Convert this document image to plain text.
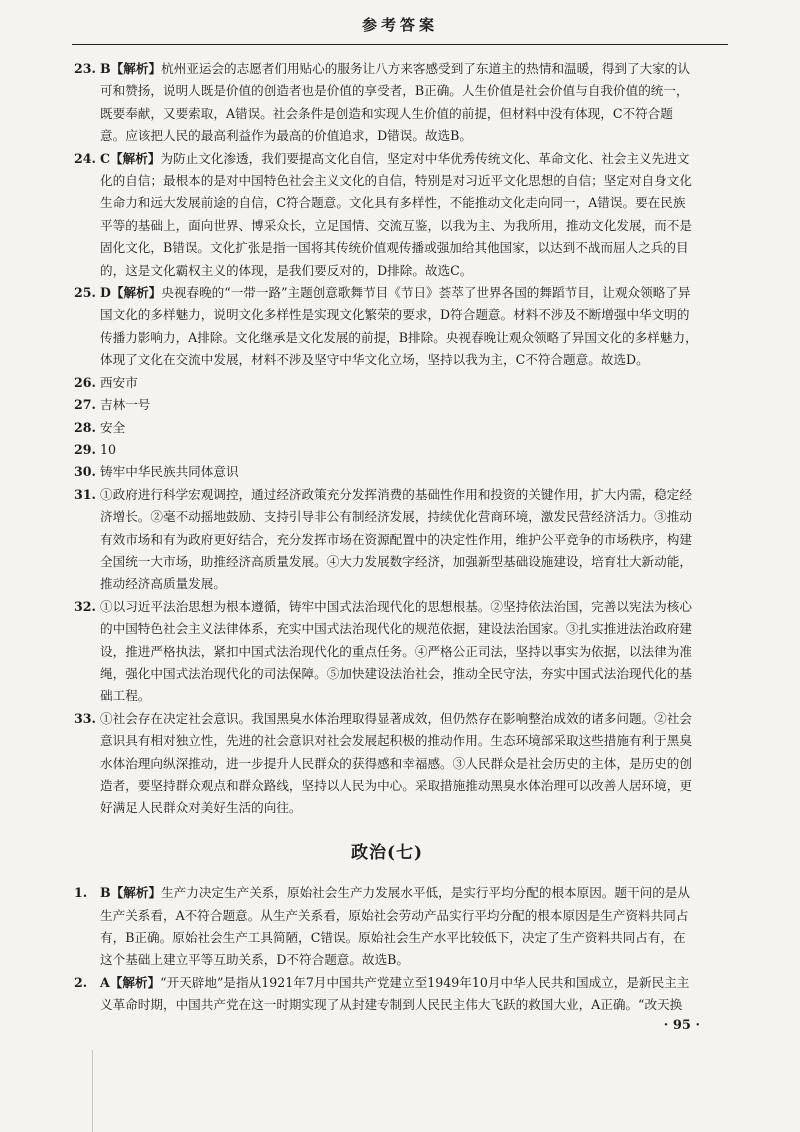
参考答案

23. B【解析】杭州亚运会的志愿者们用贴心的服务让八方来客感受到了东道主的热情和温暖，得到了大家的认可和赞扬，说明人既是价值的创造者也是价值的享受者，B正确。人生价值是社会价值与自我价值的统一，既要奉献，又要索取，A错误。社会条件是创造和实现人生价值的前提，但材料中没有体现，C不符合题意。应该把人民的最高利益作为最高的价值追求，D错误。故选B。

24. C【解析】为防止文化渗透，我们要提高文化自信，坚定对中华优秀传统文化、革命文化、社会主义先进文化的自信；最根本的是对中国特色社会主义文化的自信，特别是对习近平文化思想的自信；坚定对自身文化生命力和远大发展前途的自信，C符合题意。文化具有多样性，不能推动文化走向同一，A错误。要在民族平等的基础上，面向世界、博采众长，立足国情、交流互鉴，以我为主、为我所用，推动文化发展，而不是固化文化，B错误。文化扩张是指一国将其传统价值观传播或强加给其他国家，以达到不战而屈人之兵的目的，这是文化霸权主义的体现，是我们要反对的，D排除。故选C。

25. D【解析】央视春晚的“一带一路”主题创意歌舞节目《节日》荟萃了世界各国的舞蹈节目，让观众领略了异国文化的多样魅力，说明文化多样性是实现文化繁荣的要求，D符合题意。材料不涉及不断增强中华文明的传播力影响力，A排除。文化继承是文化发展的前提，B排除。央视春晚让观众领略了异国文化的多样魅力，体现了文化在交流中发展，材料不涉及坚守中华文化立场，坚持以我为主，C不符合题意。故选D。

26. 西安市
27. 吉林一号
28. 安全
29. 10
30. 铸牢中华民族共同体意识

31. ①政府进行科学宏观调控，通过经济政策充分发挥消费的基础性作用和投资的关键作用，扩大内需，稳定经济增长。②毫不动摇地鼓励、支持引导非公有制经济发展，持续优化营商环境，激发民营经济活力。③推动有效市场和有为政府更好结合，充分发挥市场在资源配置中的决定性作用，维护公平竞争的市场秩序，构建全国统一大市场，助推经济高质量发展。④大力发展数字经济，加强新型基础设施建设，培育壮大新动能，推动经济高质量发展。

32. ①以习近平法治思想为根本遵循，铸牢中国式法治现代化的思想根基。②坚持依法治国，完善以宪法为核心的中国特色社会主义法律体系，充实中国式法治现代化的规范依据，建设法治国家。③扎实推进法治政府建设，推进严格执法，紧扣中国式法治现代化的重点任务。④严格公正司法，坚持以事实为依据，以法律为准绳，强化中国式法治现代化的司法保障。⑤加快建设法治社会，推动全民守法，夯实中国式法治现代化的基础工程。

33. ①社会存在决定社会意识。我国黑臭水体治理取得显著成效，但仍然存在影响整治成效的诸多问题。②社会意识具有相对独立性，先进的社会意识对社会发展起积极的推动作用。生态环境部采取这些措施有利于黑臭水体治理向纵深推动，进一步提升人民群众的获得感和幸福感。③人民群众是社会历史的主体，是历史的创造者，要坚持群众观点和群众路线，坚持以人民为中心。采取措施推动黑臭水体治理可以改善人居环境，更好满足人民群众对美好生活的向往。

政治(七)

1. B【解析】生产力决定生产关系，原始社会生产力发展水平低，是实行平均分配的根本原因。题干问的是从生产关系看，A不符合题意。从生产关系看，原始社会劳动产品实行平均分配的根本原因是生产资料共同占有，B正确。原始社会生产工具简陋，C错误。原始社会生产水平比较低下，决定了生产资料共同占有，在这个基础上建立平等互助关系，D不符合题意。故选B。

2. A【解析】“开天辟地”是指从1921年7月中国共产党建立至1949年10月中华人民共和国成立，是新民主主义革命时期，中国共产党在这一时期实现了从封建专制到人民民主伟大飞跃的救国大业，A正确。“改天换

· 95 ·
